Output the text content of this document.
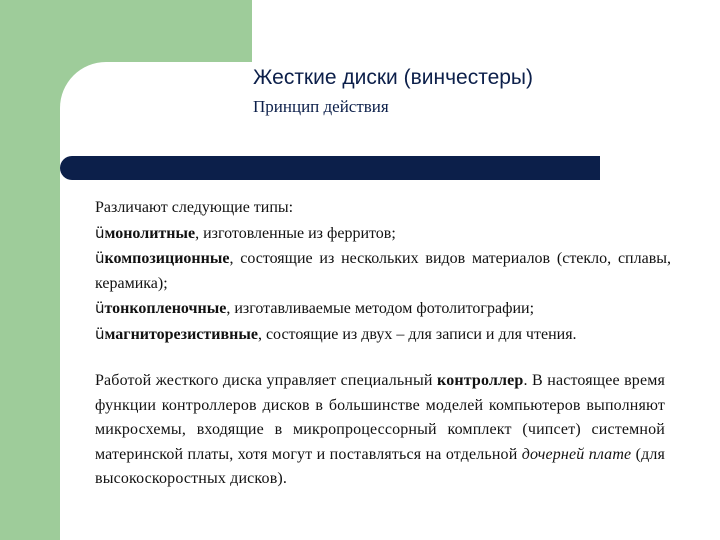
Жесткие диски (винчестеры)
Принцип действия

Различают следующие типы:

üмонолитные, изготовленные из ферритов;

üкомпозиционные, состоящие из нескольких видов материалов (стекло, сплавы, керамика);

üтонкопленочные, изготавливаемые методом фотолитографии;

üмагниторезистивные, состоящие из двух – для записи и для чтения.

Работой жесткого диска управляет специальный контроллер. В настоящее время функции контроллеров дисков в большинстве моделей компьютеров выполняют микросхемы, входящие в микропроцессорный комплект (чипсет) системной материнской платы, хотя могут и поставляться на отдельной дочерней плате (для высокоскоростных дисков).
